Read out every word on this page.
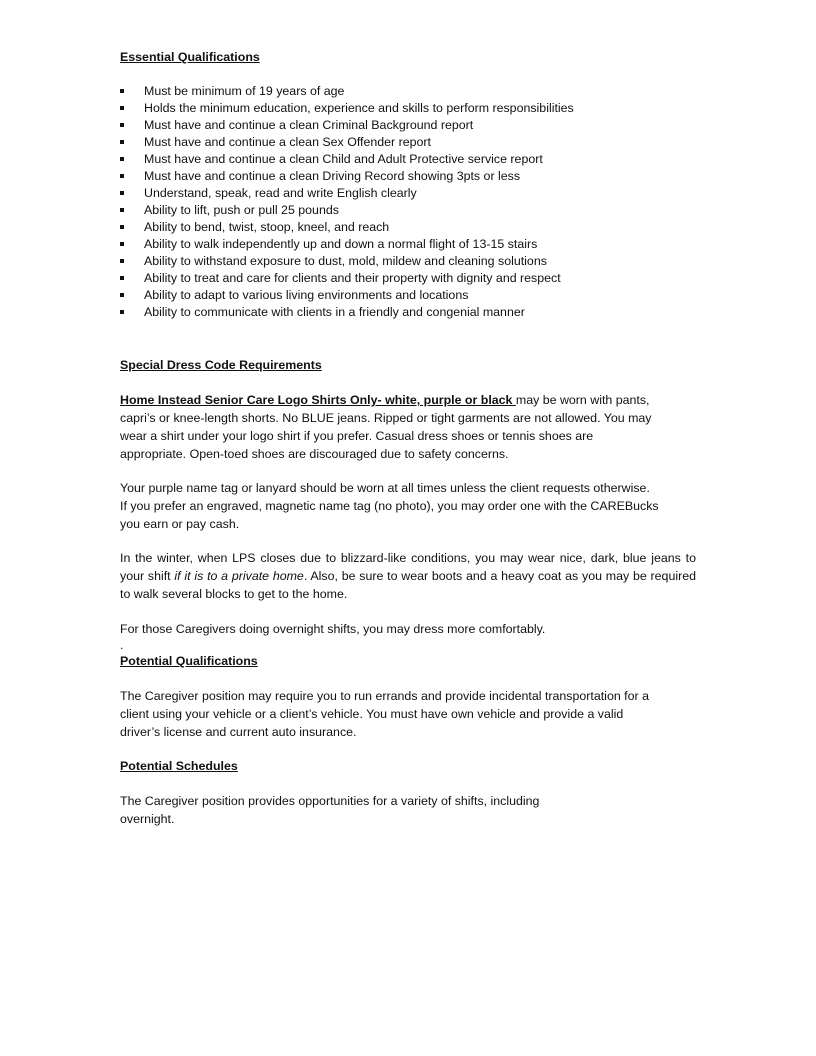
Essential Qualifications

Must be minimum of 19 years of age
Holds the minimum education, experience and skills to perform responsibilities
Must have and continue a clean Criminal Background report
Must have and continue a clean Sex Offender report
Must have and continue a clean Child and Adult Protective service report
Must have and continue a clean Driving Record showing 3pts or less
Understand, speak, read and write English clearly
Ability to lift, push or pull 25 pounds
Ability to bend, twist, stoop, kneel, and reach
Ability to walk independently up and down a normal flight of 13-15 stairs
Ability to withstand exposure to dust, mold, mildew and cleaning solutions
Ability to treat and care for clients and their property with dignity and respect
Ability to adapt to various living environments and locations
Ability to communicate with clients in a friendly and congenial manner

Special Dress Code Requirements

Home Instead Senior Care Logo Shirts Only- white, purple or black may be worn with pants,
capri’s or knee-length shorts. No BLUE jeans. Ripped or tight garments are not allowed. You may
wear a shirt under your logo shirt if you prefer. Casual dress shoes or tennis shoes are
appropriate. Open-toed shoes are discouraged due to safety concerns.

Your purple name tag or lanyard should be worn at all times unless the client requests otherwise.
If you prefer an engraved, magnetic name tag (no photo), you may order one with the CAREBucks
you earn or pay cash.

In the winter, when LPS closes due to blizzard-like conditions, you may wear nice, dark, blue jeans to your shift if it is to a private home. Also, be sure to wear boots and a heavy coat as you may be required to walk several blocks to get to the home.

For those Caregivers doing overnight shifts, you may dress more comfortably.

.

Potential Qualifications

The Caregiver position may require you to run errands and provide incidental transportation for a
client using your vehicle or a client’s vehicle. You must have own vehicle and provide a valid
driver’s license and current auto insurance.

Potential Schedules

The Caregiver position provides opportunities for a variety of shifts, including
overnight.
